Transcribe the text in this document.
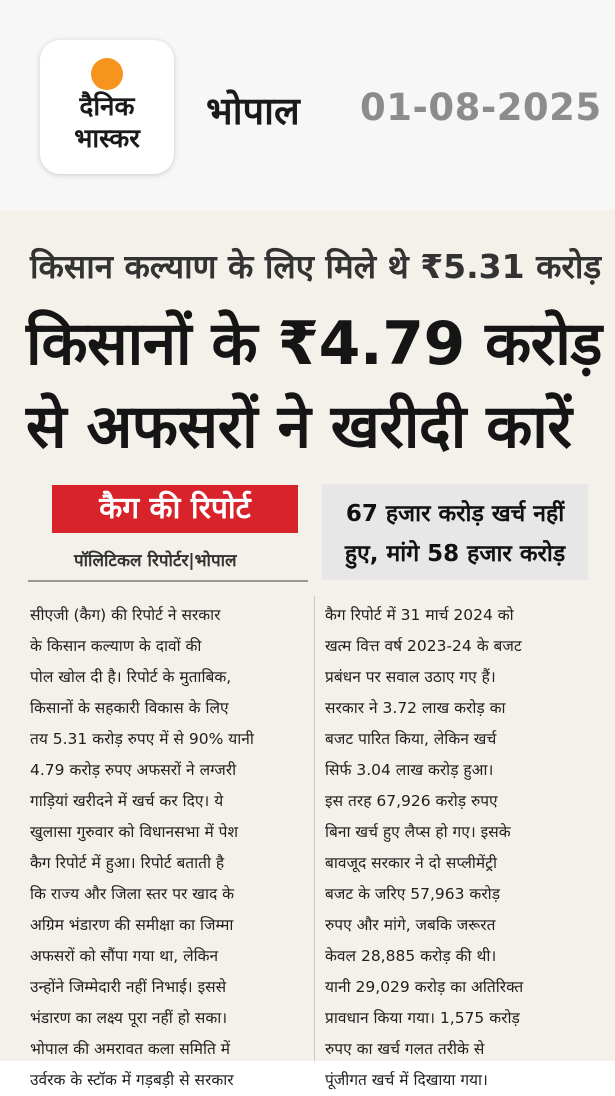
दैनिक
भास्कर
भोपाल 01-08-2025
किसान कल्याण के लिए मिले थे ₹5.31 करोड़
किसानों के ₹4.79 करोड़
से अफसरों ने खरीदी कारें
कैग की रिपोर्ट
पॉलिटिकल रिपोर्टर|भोपाल
67 हजार करोड़ खर्च नहीं
हुए, मांगे 58 हजार करोड़
सीएजी (कैग) की रिपोर्ट ने सरकार
के किसान कल्याण के दावों की
पोल खोल दी है। रिपोर्ट के मुताबिक,
किसानों के सहकारी विकास के लिए
तय 5.31 करोड़ रुपए में से 90% यानी
4.79 करोड़ रुपए अफसरों ने लग्जरी
गाड़ियां खरीदने में खर्च कर दिए। ये
खुलासा गुरुवार को विधानसभा में पेश
कैग रिपोर्ट में हुआ। रिपोर्ट बताती है
कि राज्य और जिला स्तर पर खाद के
अग्रिम भंडारण की समीक्षा का जिम्मा
अफसरों को सौंपा गया था, लेकिन
उन्होंने जिम्मेदारी नहीं निभाई। इससे
भंडारण का लक्ष्य पूरा नहीं हो सका।
भोपाल की अमरावत कला समिति में
उर्वरक के स्टॉक में गड़बड़ी से सरकार
कैग रिपोर्ट में 31 मार्च 2024 को
खत्म वित्त वर्ष 2023-24 के बजट
प्रबंधन पर सवाल उठाए गए हैं।
सरकार ने 3.72 लाख करोड़ का
बजट पारित किया, लेकिन खर्च
सिर्फ 3.04 लाख करोड़ हुआ।
इस तरह 67,926 करोड़ रुपए
बिना खर्च हुए लैप्स हो गए। इसके
बावजूद सरकार ने दो सप्लीमेंट्री
बजट के जरिए 57,963 करोड़
रुपए और मांगे, जबकि जरूरत
केवल 28,885 करोड़ की थी।
यानी 29,029 करोड़ का अतिरिक्त
प्रावधान किया गया। 1,575 करोड़
रुपए का खर्च गलत तरीके से
पूंजीगत खर्च में दिखाया गया।
